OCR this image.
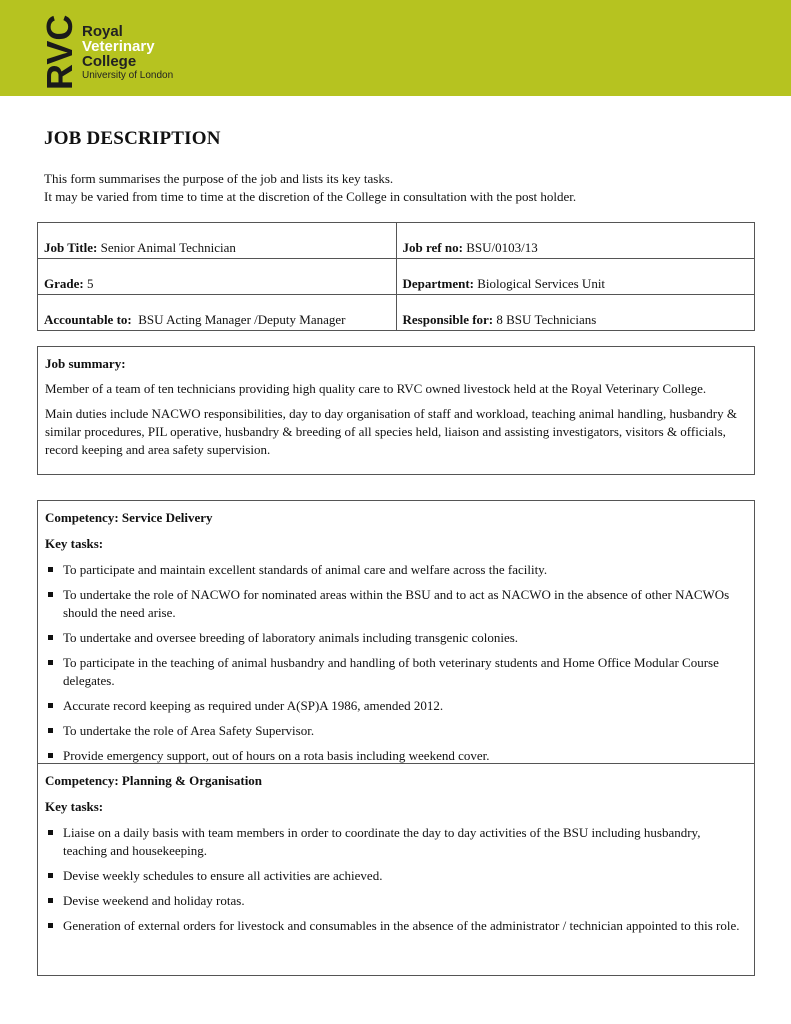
RVC Royal
Veterinary
College
University of London
JOB DESCRIPTION
This form summarises the purpose of the job and lists its key tasks.
It may be varied from time to time at the discretion of the College in consultation with the post holder.
Job Title: Senior Animal Technician	Job ref no: BSU/0103/13
Grade: 5	Department: Biological Services Unit
Accountable to:  BSU Acting Manager /Deputy Manager	Responsible for: 8 BSU Technicians
Job summary:

Member of a team of ten technicians providing high quality care to RVC owned livestock held at the Royal Veterinary College.

Main duties include NACWO responsibilities, day to day organisation of staff and workload, teaching animal handling, husbandry & similar procedures, PIL operative, husbandry & breeding of all species held, liaison and assisting investigators, visitors & officials, record keeping and area safety supervision.

Competency: Service Delivery
Key tasks:
To participate and maintain excellent standards of animal care and welfare across the facility.
To undertake the role of NACWO for nominated areas within the BSU and to act as NACWO in the absence of other NACWOs should the need arise.
To undertake and oversee breeding of laboratory animals including transgenic colonies.
To participate in the teaching of animal husbandry and handling of both veterinary students and Home Office Modular Course delegates.
Accurate record keeping as required under A(SP)A 1986, amended 2012.
To undertake the role of Area Safety Supervisor.
Provide emergency support, out of hours on a rota basis including weekend cover.
Competency: Planning & Organisation
Key tasks:
Liaise on a daily basis with team members in order to coordinate the day to day activities of the BSU including husbandry, teaching and housekeeping.
Devise weekly schedules to ensure all activities are achieved.
Devise weekend and holiday rotas.
Generation of external orders for livestock and consumables in the absence of the administrator / technician appointed to this role.
